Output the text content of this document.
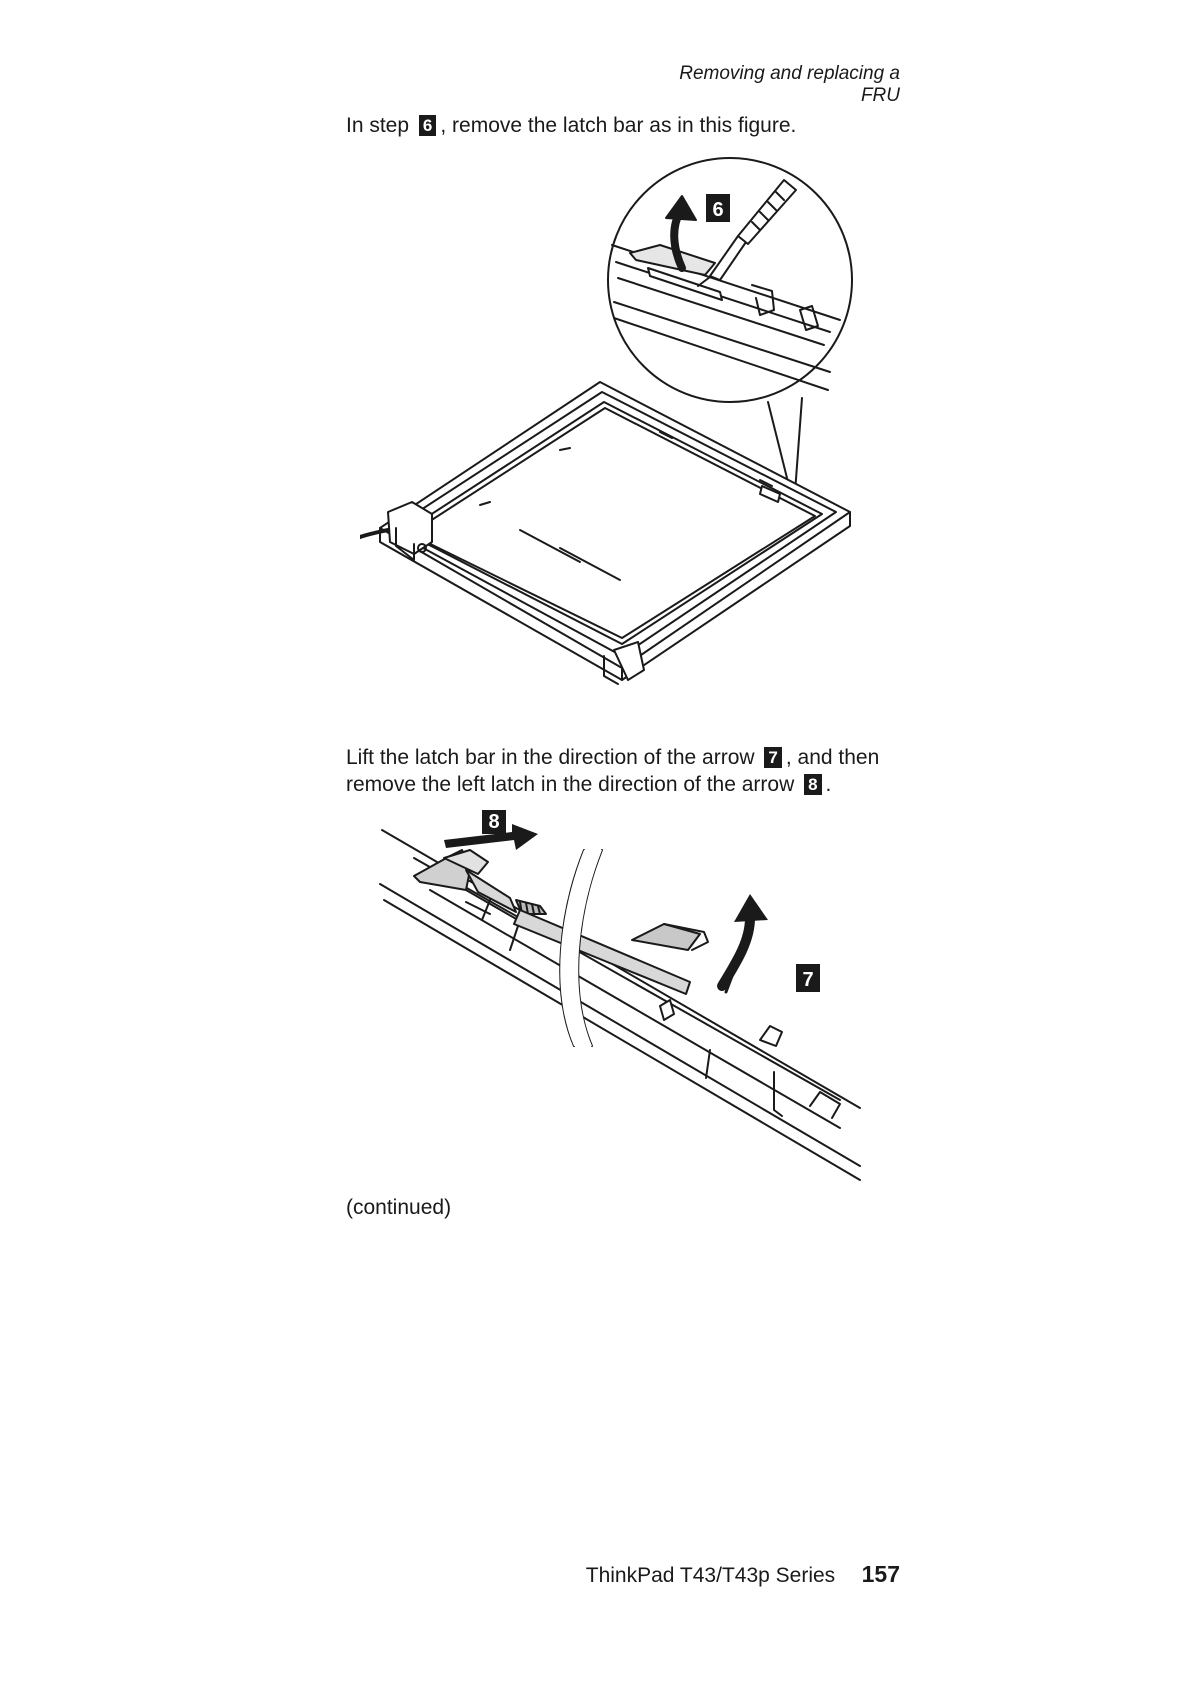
Removing and replacing a FRU
In step 6 , remove the latch bar as in this figure.
6
Lift the latch bar in the direction of the arrow 7 , and then
remove the left latch in the direction of the arrow 8 .
8
7
(continued)
ThinkPad T43/T43p Series 157
